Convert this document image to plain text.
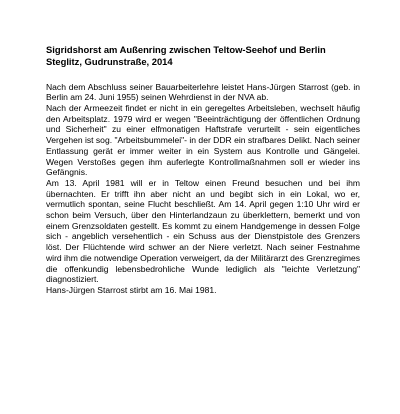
Sigridshorst am Außenring zwischen Teltow-Seehof und Berlin Steglitz, Gudrunstraße, 2014

Nach dem Abschluss seiner Bauarbeiterlehre leistet Hans-Jürgen Starrost (geb. in Berlin am 24. Juni 1955) seinen Wehrdienst in der NVA ab.

Nach der Armeezeit findet er nicht in ein geregeltes Arbeitsleben, wechselt häufig den Arbeitsplatz. 1979 wird er wegen "Beeinträchtigung der öffentlichen Ordnung und Sicherheit" zu einer elfmonatigen Haftstrafe verurteilt - sein eigentliches Vergehen ist sog. "Arbeitsbummelei"- in der DDR ein strafbares Delikt. Nach seiner Entlassung gerät er immer weiter in ein System aus Kontrolle und Gängelei. Wegen Verstoßes gegen ihm auferlegte Kontrollmaßnahmen soll er wieder ins Gefängnis.

Am 13. April 1981 will er in Teltow einen Freund besuchen und bei ihm übernachten. Er trifft ihn aber nicht an und begibt sich in ein Lokal, wo er, vermutlich spontan, seine Flucht beschließt. Am 14. April gegen 1:10 Uhr wird er schon beim Versuch, über den Hinterlandzaun zu überklettern, bemerkt und von einem Grenzsoldaten gestellt. Es kommt zu einem Handgemenge in dessen Folge sich - angeblich versehentlich - ein Schuss aus der Dienstpistole des Grenzers löst. Der Flüchtende wird schwer an der Niere verletzt. Nach seiner Festnahme wird ihm die notwendige Operation verweigert, da der Militärarzt des Grenzregimes die offenkundig lebensbedrohliche Wunde lediglich als "leichte Verletzung" diagnostiziert.

Hans-Jürgen Starrost stirbt am 16. Mai 1981.
